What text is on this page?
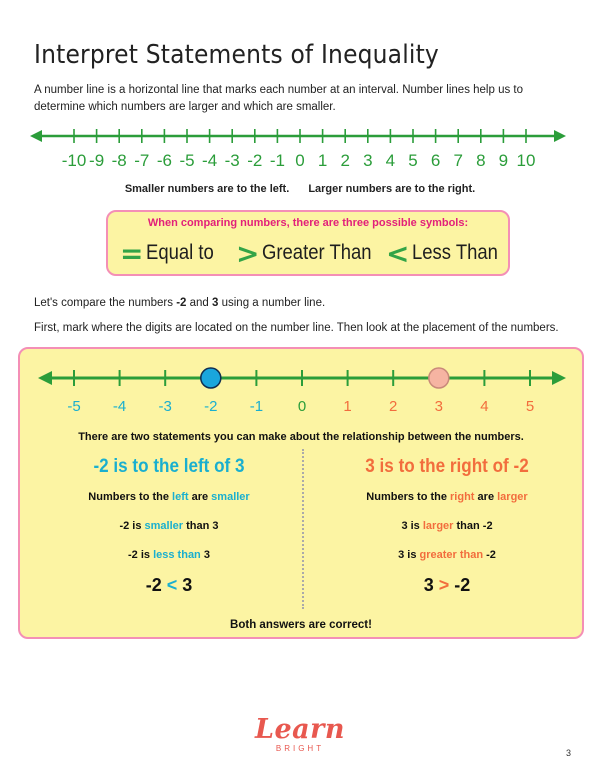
Interpret Statements of Inequality
A number line is a horizontal line that marks each number at an interval. Number lines help us to determine which numbers are larger and which are smaller.
-10 -9 -8 -7 -6 -5 -4 -3 -2 -1 0 1 2 3 4 5 6 7 8 9 10
Smaller numbers are to the left. Larger numbers are to the right.
When comparing numbers, there are three possible symbols:
= Equal to > Greater Than < Less Than
Let's compare the numbers -2 and 3 using a number line.
First, mark where the digits are located on the number line. Then look at the placement of the numbers.
-5 -4 -3 -2 -1 0 1 2 3 4 5
There are two statements you can make about the relationship between the numbers.
-2 is to the left of 3
Numbers to the left are smaller
-2 is smaller than 3
-2 is less than 3
-2 < 3
3 is to the right of -2
Numbers to the right are larger
3 is larger than -2
3 is greater than -2
3 > -2
Both answers are correct!
Learn
BRIGHT	3
